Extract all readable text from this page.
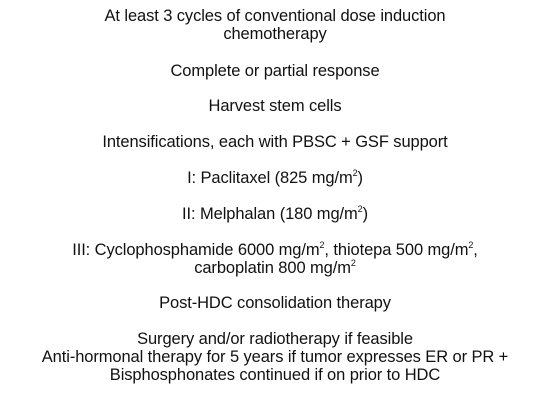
At least 3 cycles of conventional dose induction
chemotherapy
Complete or partial response
Harvest stem cells
Intensifications, each with PBSC + GSF support
I: Paclitaxel (825 $mg/m^2$)
II: Melphalan (180 $mg/m^2$)
III: Cyclophosphamide 6000 $mg/m^2$, thiotepa 500 $mg/m^2$,
carboplatin 800 $mg/m^2$
Post-HDC consolidation therapy
Surgery and/or radiotherapy if feasible
Anti-hormonal therapy for 5 years if tumor expresses ER or PR +
Bisphosphonates continued if on prior to HDC
